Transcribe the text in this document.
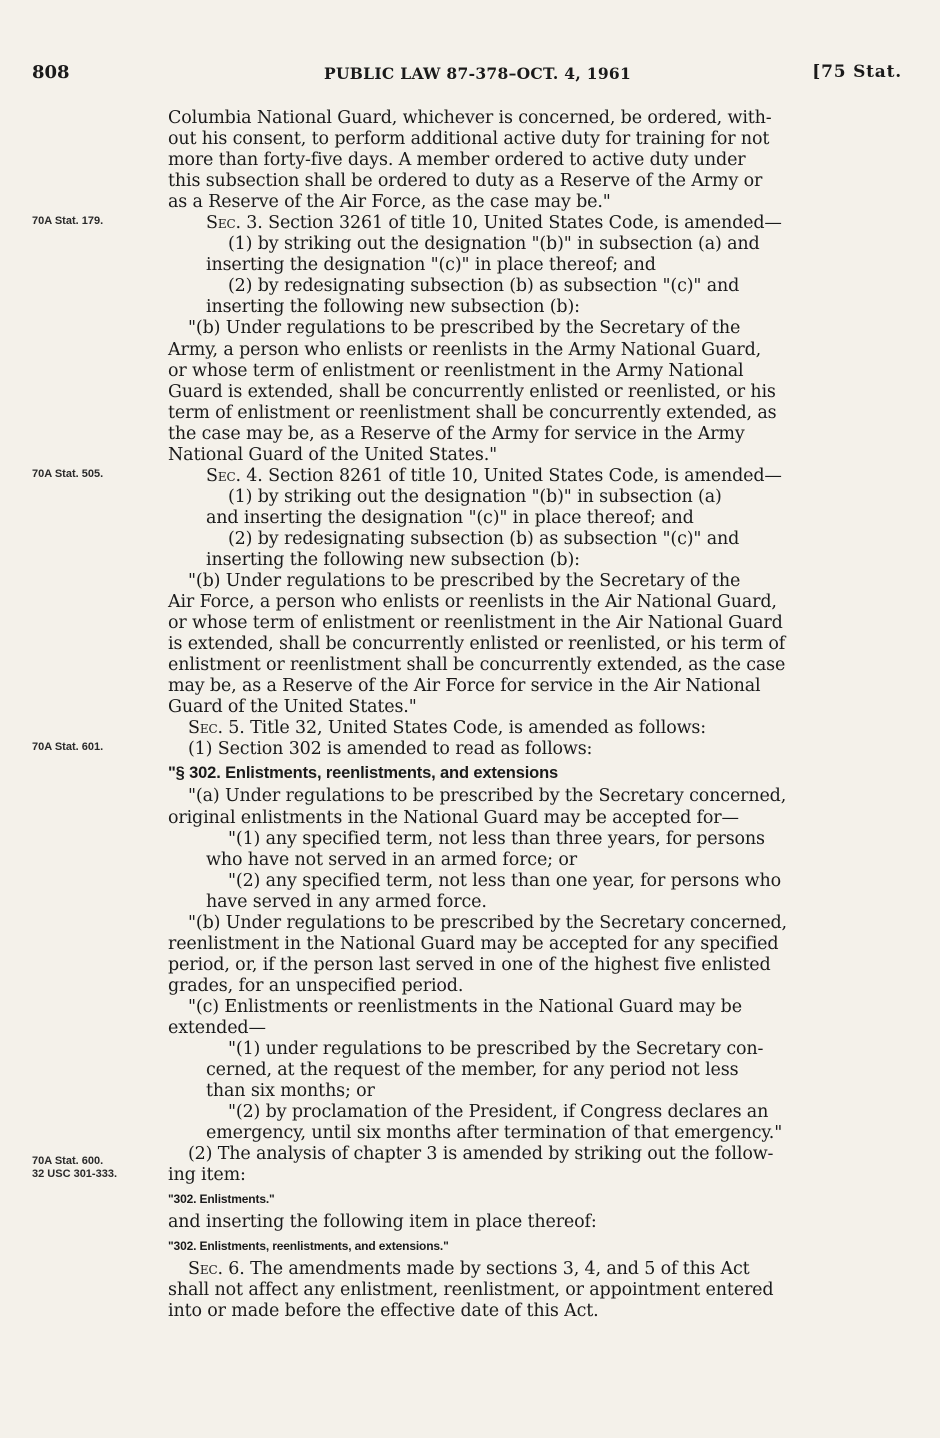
808	PUBLIC LAW 87-378–OCT. 4, 1961	[75 Stat.
70A Stat. 179.
70A Stat. 505.
70A Stat. 601.
70A Stat. 600.
32 USC 301-333.
Columbia National Guard, whichever is concerned, be ordered, with-
out his consent, to perform additional active duty for training for not
more than forty-five days. A member ordered to active duty under
this subsection shall be ordered to duty as a Reserve of the Army or
as a Reserve of the Air Force, as the case may be."
Sec. 3. Section 3261 of title 10, United States Code, is amended—
(1) by striking out the designation "(b)" in subsection (a) and
inserting the designation "(c)" in place thereof; and
(2) by redesignating subsection (b) as subsection "(c)" and
inserting the following new subsection (b):
"(b) Under regulations to be prescribed by the Secretary of the
Army, a person who enlists or reenlists in the Army National Guard,
or whose term of enlistment or reenlistment in the Army National
Guard is extended, shall be concurrently enlisted or reenlisted, or his
term of enlistment or reenlistment shall be concurrently extended, as
the case may be, as a Reserve of the Army for service in the Army
National Guard of the United States."
Sec. 4. Section 8261 of title 10, United States Code, is amended—
(1) by striking out the designation "(b)" in subsection (a)
and inserting the designation "(c)" in place thereof; and
(2) by redesignating subsection (b) as subsection "(c)" and
inserting the following new subsection (b):
"(b) Under regulations to be prescribed by the Secretary of the
Air Force, a person who enlists or reenlists in the Air National Guard,
or whose term of enlistment or reenlistment in the Air National Guard
is extended, shall be concurrently enlisted or reenlisted, or his term of
enlistment or reenlistment shall be concurrently extended, as the case
may be, as a Reserve of the Air Force for service in the Air National
Guard of the United States."
Sec. 5. Title 32, United States Code, is amended as follows:
(1) Section 302 is amended to read as follows:
"§ 302. Enlistments, reenlistments, and extensions
"(a) Under regulations to be prescribed by the Secretary concerned,
original enlistments in the National Guard may be accepted for—
"(1) any specified term, not less than three years, for persons
who have not served in an armed force; or
"(2) any specified term, not less than one year, for persons who
have served in any armed force.
"(b) Under regulations to be prescribed by the Secretary concerned,
reenlistment in the National Guard may be accepted for any specified
period, or, if the person last served in one of the highest five enlisted
grades, for an unspecified period.
"(c) Enlistments or reenlistments in the National Guard may be
extended—
"(1) under regulations to be prescribed by the Secretary con-
cerned, at the request of the member, for any period not less
than six months; or
"(2) by proclamation of the President, if Congress declares an
emergency, until six months after termination of that emergency."
(2) The analysis of chapter 3 is amended by striking out the follow-
ing item:
"302. Enlistments."
and inserting the following item in place thereof:
"302. Enlistments, reenlistments, and extensions."
Sec. 6. The amendments made by sections 3, 4, and 5 of this Act
shall not affect any enlistment, reenlistment, or appointment entered
into or made before the effective date of this Act.
